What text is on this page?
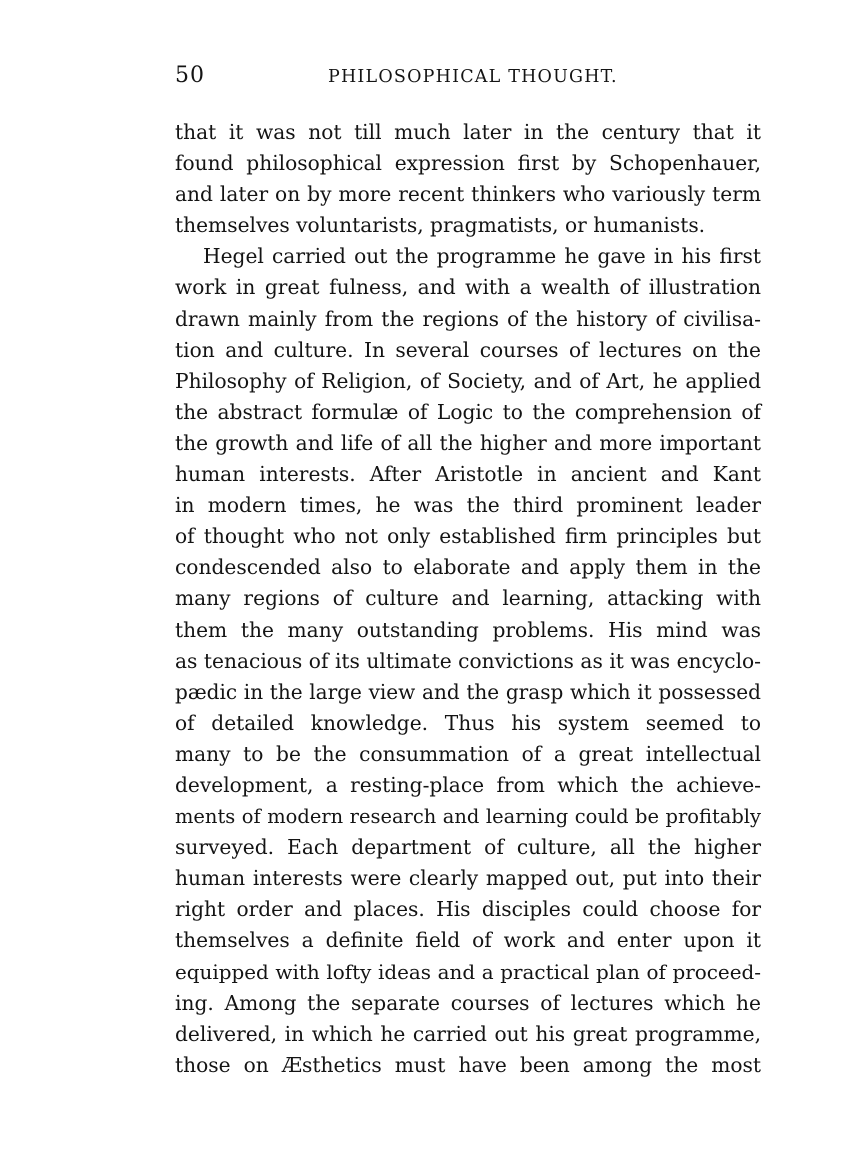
50	PHILOSOPHICAL THOUGHT.
that it was not till much later in the century that it
found philosophical expression first by Schopenhauer,
and later on by more recent thinkers who variously term
themselves voluntarists, pragmatists, or humanists.
Hegel carried out the programme he gave in his first
work in great fulness, and with a wealth of illustration
drawn mainly from the regions of the history of civilisa-
tion and culture. In several courses of lectures on the
Philosophy of Religion, of Society, and of Art, he applied
the abstract formulæ of Logic to the comprehension of
the growth and life of all the higher and more important
human interests. After Aristotle in ancient and Kant
in modern times, he was the third prominent leader
of thought who not only established firm principles but
condescended also to elaborate and apply them in the
many regions of culture and learning, attacking with
them the many outstanding problems. His mind was
as tenacious of its ultimate convictions as it was encyclo-
pædic in the large view and the grasp which it possessed
of detailed knowledge. Thus his system seemed to
many to be the consummation of a great intellectual
development, a resting-place from which the achieve-
ments of modern research and learning could be profitably
surveyed. Each department of culture, all the higher
human interests were clearly mapped out, put into their
right order and places. His disciples could choose for
themselves a definite field of work and enter upon it
equipped with lofty ideas and a practical plan of proceed-
ing. Among the separate courses of lectures which he
delivered, in which he carried out his great programme,
those on Æsthetics must have been among the most
